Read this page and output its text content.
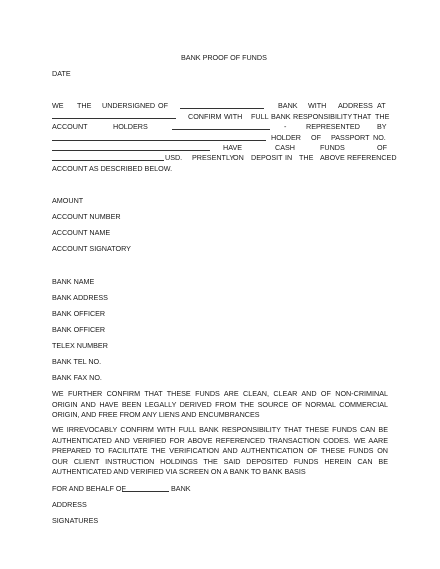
BANK PROOF OF FUNDS
DATE
WE THE UNDERSIGNED OF	BANK WITH ADDRESS AT
CONFIRM WITH FULL BANK RESPONSIBILITY THAT THE
ACCOUNT	HOLDERS	-	REPRESENTED BY
HOLDER OF PASSPORT NO.
HAVE	CASH	FUNDS	OF
USD. PRESENTLY
ON DEPOSIT IN THE ABOVE REFERENCED
ACCOUNT AS DESCRIBED BELOW.
AMOUNT
ACCOUNT NUMBER
ACCOUNT NAME
ACCOUNT SIGNATORY
BANK NAME
BANK ADDRESS
BANK OFFICER
BANK OFFICER
TELEX NUMBER
BANK TEL NO.
BANK FAX NO.
WE FURTHER CONFIRM THAT THESE FUNDS ARE CLEAN, CLEAR AND OF NON-CRIMINAL ORIGIN AND HAVE BEEN LEGALLY DERIVED FROM THE SOURCE OF NORMAL COMMERCIAL ORIGIN, AND FREE FROM ANY LIENS AND ENCUMBRANCES
WE IRREVOCABLY CONFIRM WITH FULL BANK RESPONSIBILITY THAT THESE FUNDS CAN BE AUTHENTICATED AND VERIFIED FOR ABOVE REFERENCED TRANSACTION CODES. WE AARE PREPARED TO FACILITATE THE VERIFICATION AND AUTHENTICATION OF THESE FUNDS ON OUR CLIENT INSTRUCTION HOLDINGS THE SAID DEPOSITED FUNDS HEREIN CAN BE AUTHENTICATED AND VERIFIED VIA SCREEN ON A BANK TO BANK BASIS
FOR AND BEHALF OF	BANK
ADDRESS
SIGNATURES
